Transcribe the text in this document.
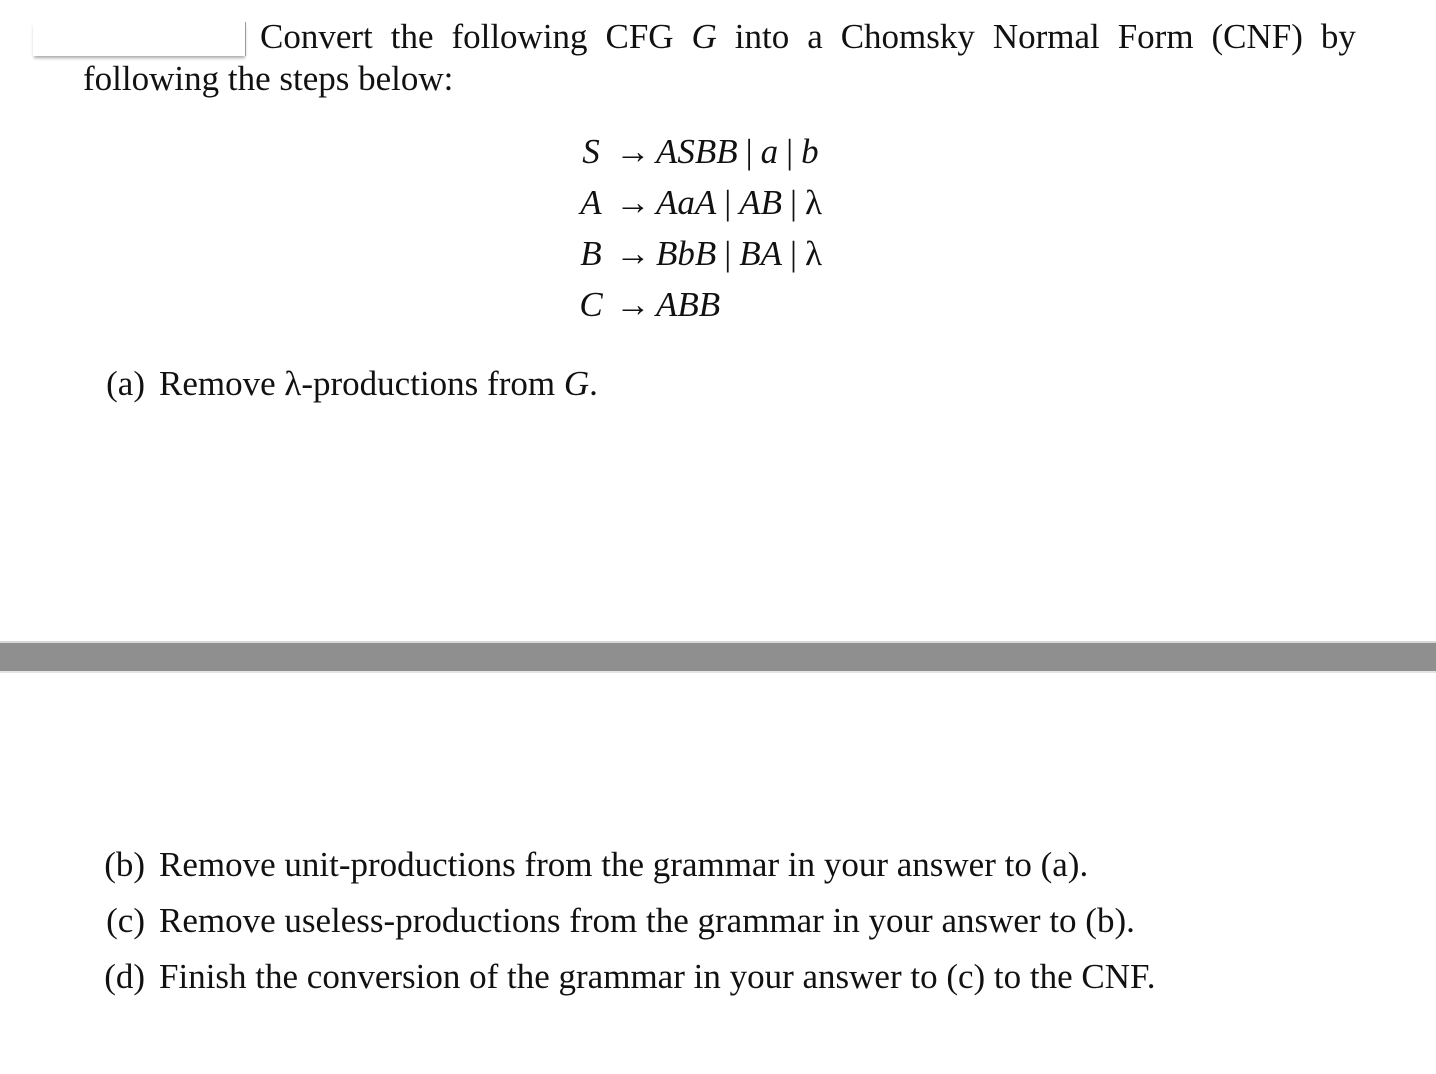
Convert the following CFG G into a Chomsky Normal Form (CNF) by
following the steps below:
S → ASBB | a | b
A → AaA | AB | λ
B → BbB | BA | λ
C → ABB
(a) Remove λ-productions from G.
(b) Remove unit-productions from the grammar in your answer to (a).
(c) Remove useless-productions from the grammar in your answer to (b).
(d) Finish the conversion of the grammar in your answer to (c) to the CNF.
